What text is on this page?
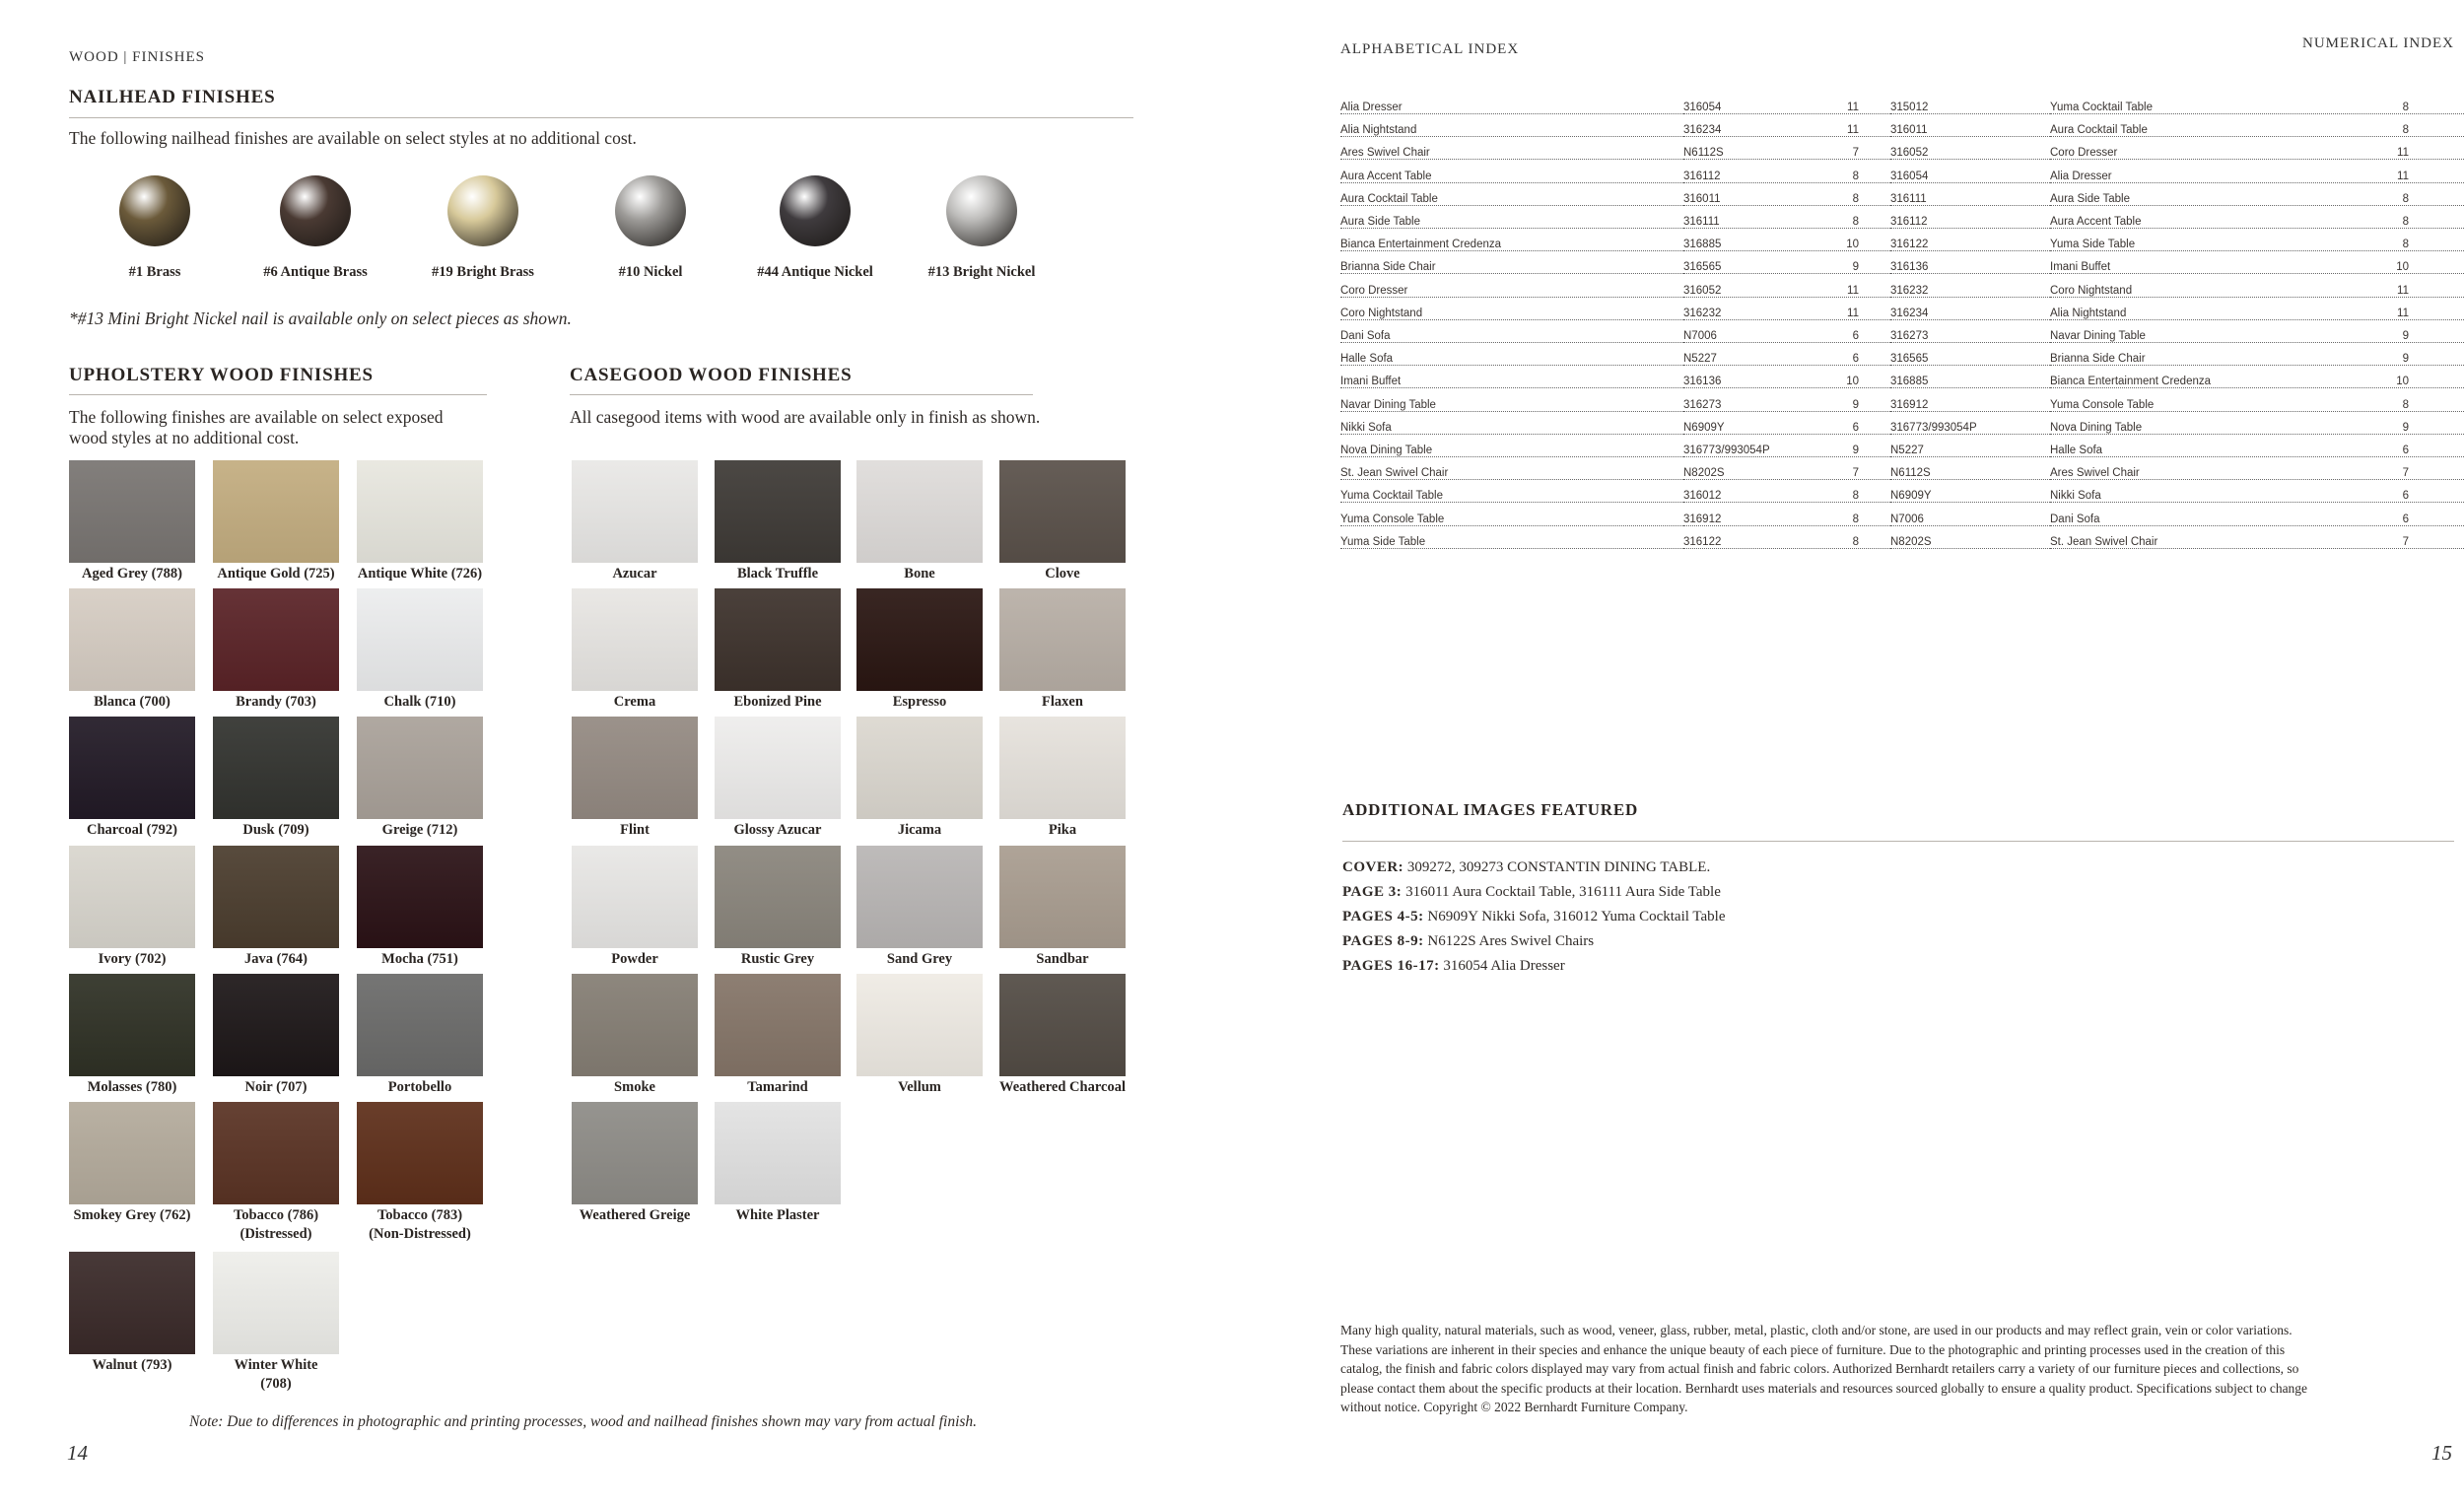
WOOD | FINISHES
NAILHEAD FINISHES
The following nailhead finishes are available on select styles at no additional cost.
#1 Brass	#6 Antique Brass	#19 Bright Brass	#10 Nickel	#44 Antique Nickel	#13 Bright Nickel
*#13 Mini Bright Nickel nail is available only on select pieces as shown.
UPHOLSTERY WOOD FINISHES
The following finishes are available on select exposed
wood styles at no additional cost.
CASEGOOD WOOD FINISHES
All casegood items with wood are available only in finish as shown.
Aged Grey (788)	Antique Gold (725)	Antique White (726)
Blanca (700)	Brandy (703)	Chalk (710)
Charcoal (792)	Dusk (709)	Greige (712)
Ivory (702)	Java (764)	Mocha (751)
Molasses (780)	Noir (707)	Portobello
Smokey Grey (762)	Tobacco (786)
(Distressed)
Tobacco (783)
(Non-Distressed)
Walnut (793)	Winter White
(708)
Azucar	Black Truffle	Bone	Clove
Crema	Ebonized Pine	Espresso	Flaxen
Flint	Glossy Azucar	Jicama	Pika
Powder	Rustic Grey	Sand Grey	Sandbar
Smoke	Tamarind	Vellum	Weathered Charcoal
Weathered Greige	White Plaster
Note: Due to differences in photographic and printing processes, wood and nailhead finishes shown may vary from actual finish.
14
ALPHABETICAL INDEX	NUMERICAL INDEX
Alia Dresser	316054	11
Alia Nightstand	316234	11
Ares Swivel Chair	N6112S	7
Aura Accent Table	316112	8
Aura Cocktail Table	316011	8
Aura Side Table	316111	8
Bianca Entertainment Credenza	316885	10
Brianna Side Chair	316565	9
Coro Dresser	316052	11
Coro Nightstand	316232	11
Dani Sofa	N7006	6
Halle Sofa	N5227	6
Imani Buffet	316136	10
Navar Dining Table	316273	9
Nikki Sofa	N6909Y	6
Nova Dining Table	316773/993054P	9
St. Jean Swivel Chair	N8202S	7
Yuma Cocktail Table	316012	8
Yuma Console Table	316912	8
Yuma Side Table	316122	8
315012	Yuma Cocktail Table	8
316011	Aura Cocktail Table	8
316052	Coro Dresser	11
316054	Alia Dresser	11
316111	Aura Side Table	8
316112	Aura Accent Table	8
316122	Yuma Side Table	8
316136	Imani Buffet	10
316232	Coro Nightstand	11
316234	Alia Nightstand	11
316273	Navar Dining Table	9
316565	Brianna Side Chair	9
316885	Bianca Entertainment Credenza	10
316912	Yuma Console Table	8
316773/993054P	Nova Dining Table	9
N5227	Halle Sofa	6
N6112S	Ares Swivel Chair	7
N6909Y	Nikki Sofa	6
N7006	Dani Sofa	6
N8202S	St. Jean Swivel Chair	7
ADDITIONAL IMAGES FEATURED
COVER: 309272, 309273 CONSTANTIN DINING TABLE.
PAGE 3: 316011 Aura Cocktail Table, 316111 Aura Side Table
PAGES 4-5: N6909Y Nikki Sofa, 316012 Yuma Cocktail Table
PAGES 8-9: N6122S Ares Swivel Chairs
PAGES 16-17: 316054 Alia Dresser
Many high quality, natural materials, such as wood, veneer, glass, rubber, metal, plastic, cloth and/or stone, are used in our products and may reflect grain, vein or color variations.
These variations are inherent in their species and enhance the unique beauty of each piece of furniture. Due to the photographic and printing processes used in the creation of this
catalog, the finish and fabric colors displayed may vary from actual finish and fabric colors. Authorized Bernhardt retailers carry a variety of our furniture pieces and collections, so
please contact them about the specific products at their location. Bernhardt uses materials and resources sourced globally to ensure a quality product. Specifications subject to change
without notice. Copyright © 2022 Bernhardt Furniture Company.
15
